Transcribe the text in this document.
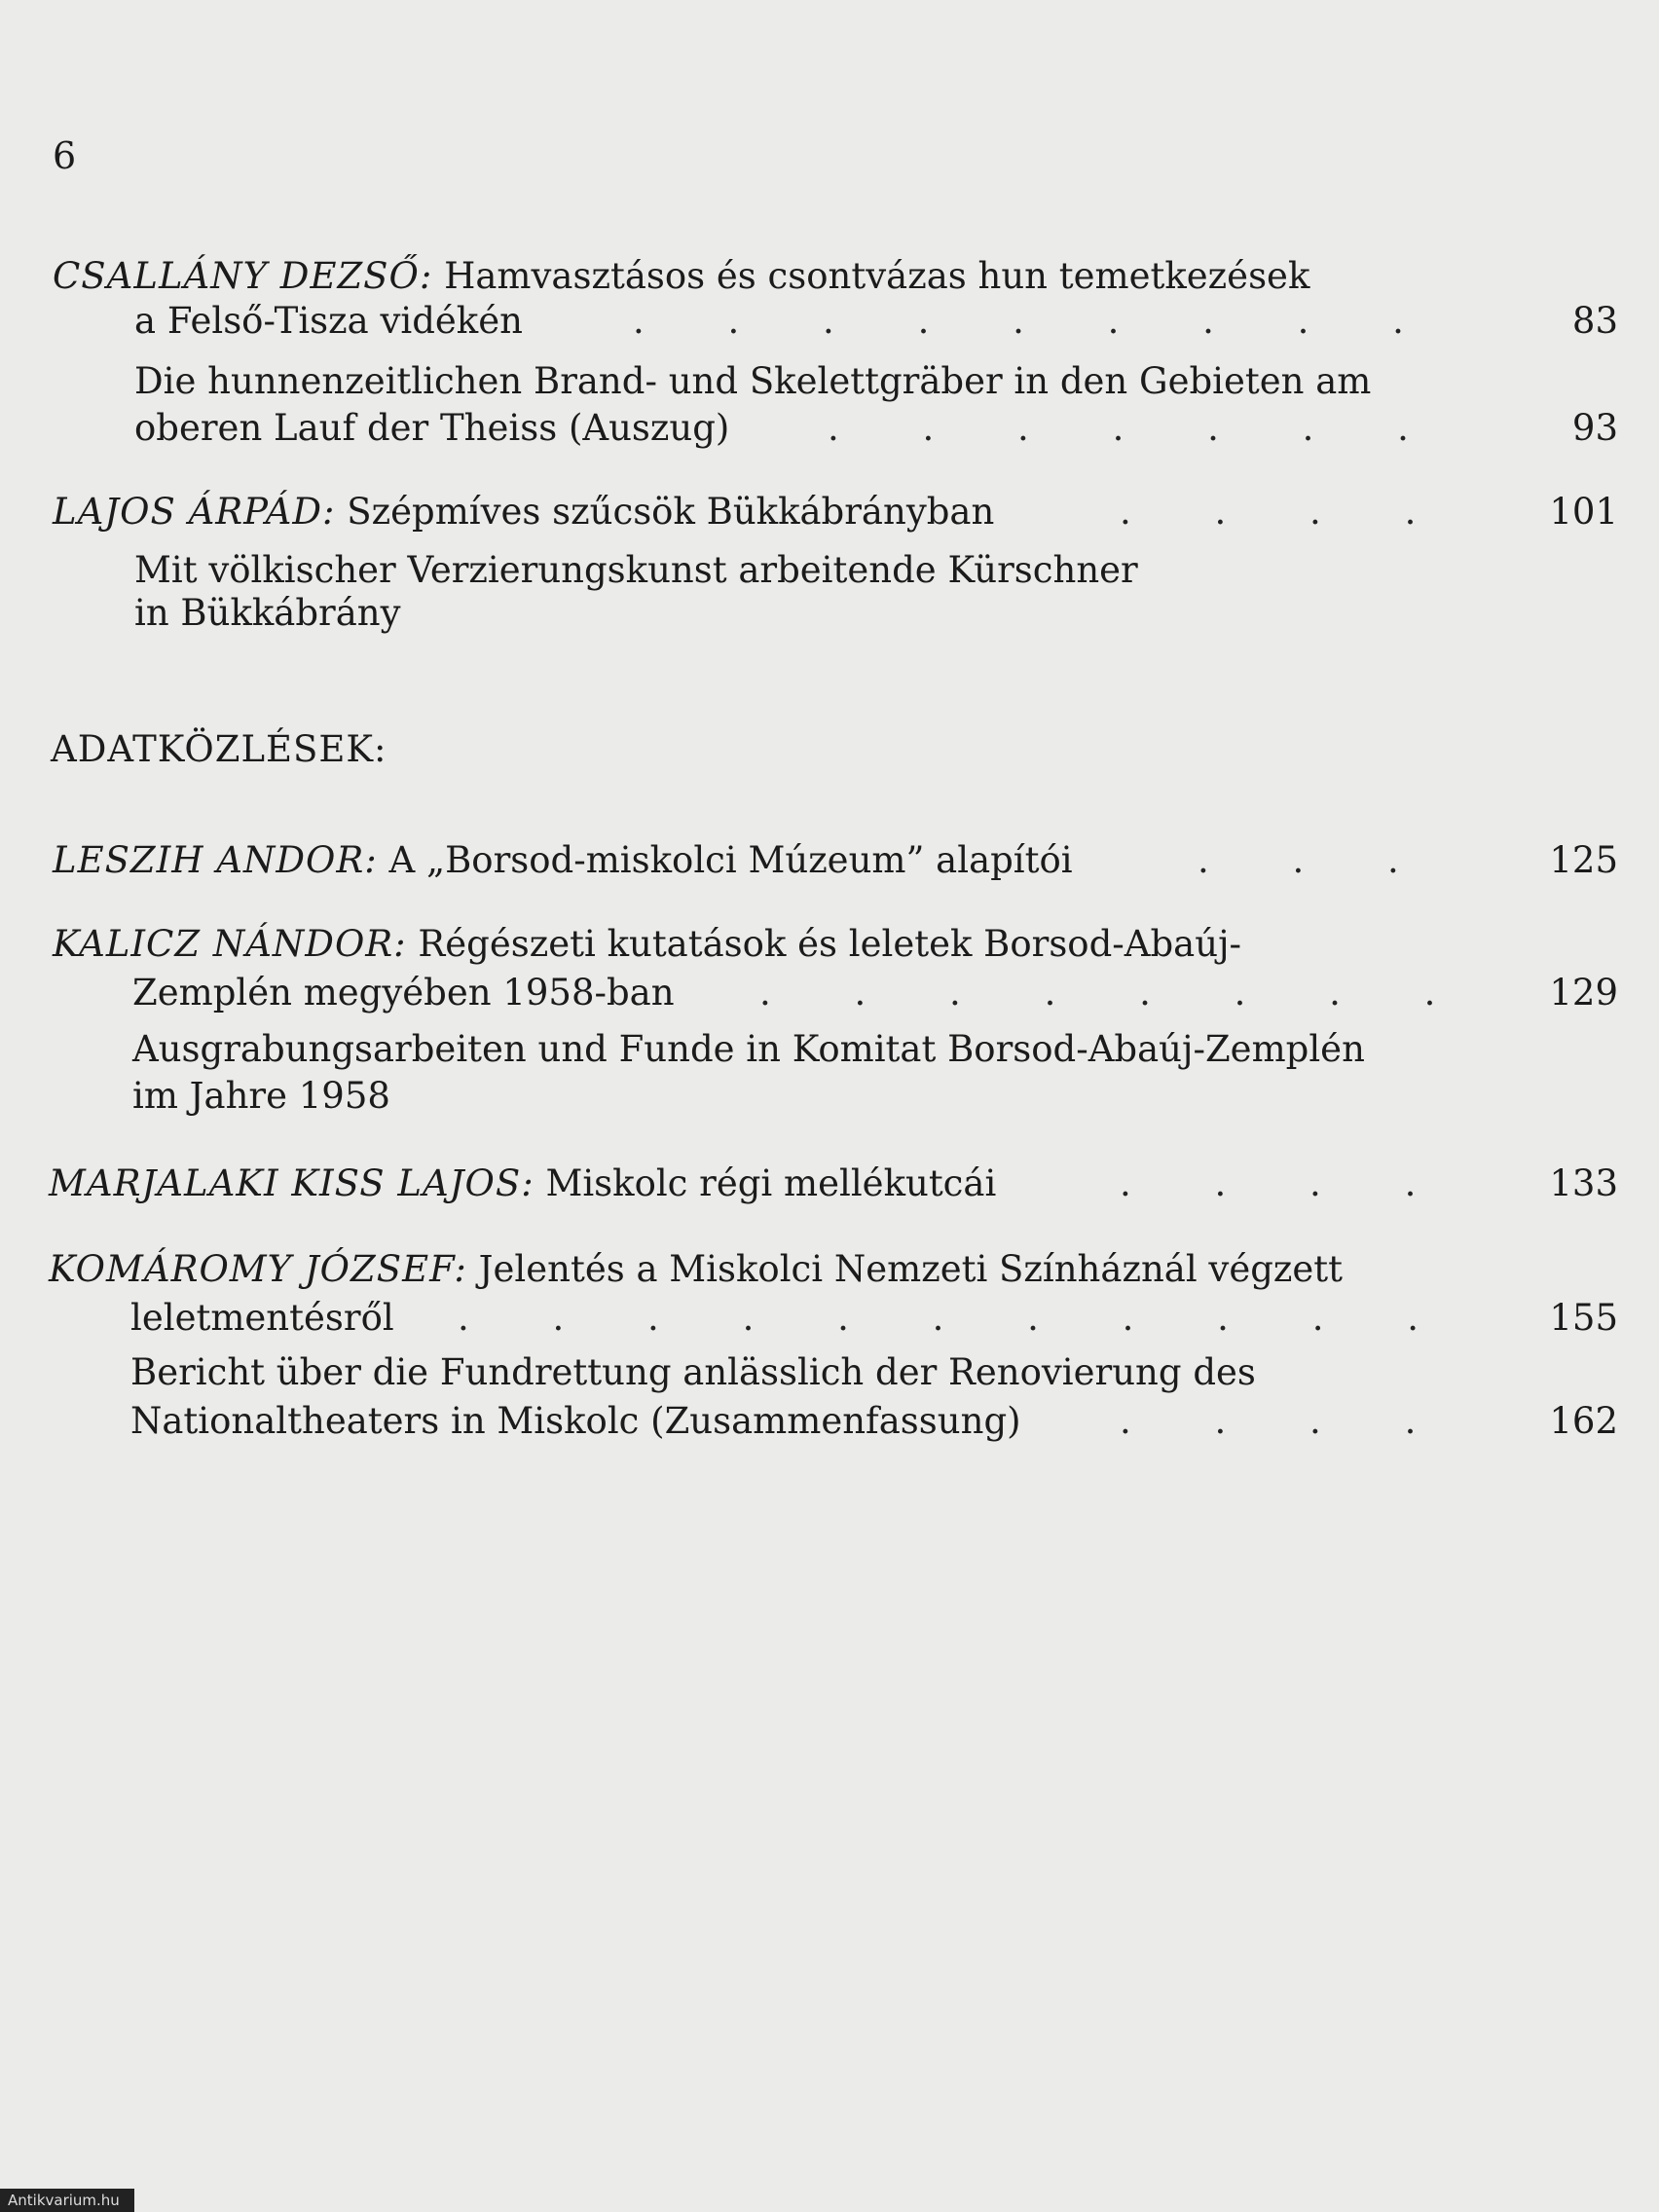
6
CSALLÁNY DEZSŐ: Hamvasztásos és csontvázas hun temetkezések
a Felső-Tisza vidékén	. . . . . . . . .	83
Die hunnenzeitlichen Brand- und Skelettgräber in den Gebieten am
oberen Lauf der Theiss (Auszug)	. . . . . . .	93
LAJOS ÁRPÁD: Szépmíves szűcsök Bükkábrányban	. . . .	101
Mit völkischer Verzierungskunst arbeitende Kürschner
in Bükkábrány
ADATKÖZLÉSEK:
LESZIH ANDOR: A „Borsod-miskolci Múzeum” alapítói	. . .	125
KALICZ NÁNDOR: Régészeti kutatások és leletek Borsod-Abaúj-
Zemplén megyében 1958-ban . . . . . . . . 129
Ausgrabungsarbeiten und Funde in Komitat Borsod-Abaúj-Zemplén
im Jahre 1958
MARJALAKI KISS LAJOS: Miskolc régi mellékutcái	. . . .	133
KOMÁROMY JÓZSEF: Jelentés a Miskolci Nemzeti Színháznál végzett
leletmentésről . . . . . . . . . . .	155
Bericht über die Fundrettung anlässlich der Renovierung des
Nationaltheaters in Miskolc (Zusammenfassung)	. . . .	162
Antikvarium.hu
